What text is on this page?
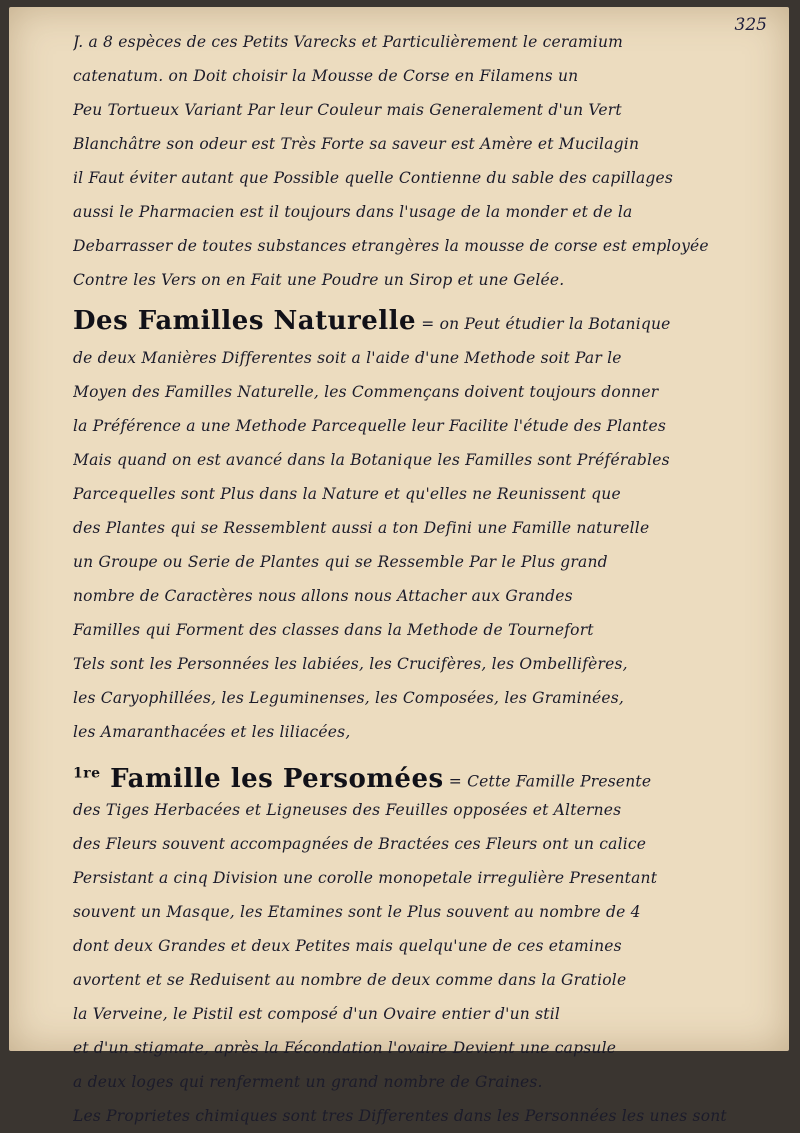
325
J. a 8 espèces de ces Petits Varecks et Particulièrement le ceramium
catenatum. on Doit choisir la Mousse de Corse en Filamens un
Peu Tortueux Variant Par leur Couleur mais Generalement d'un Vert
Blanchâtre son odeur est Très Forte sa saveur est Amère et Mucilagin
il Faut éviter autant que Possible quelle Contienne du sable des capillages
aussi le Pharmacien est il toujours dans l'usage de la monder et de la
Debarrasser de toutes substances etrangères la mousse de corse est employée
Contre les Vers on en Fait une Poudre un Sirop et une Gelée.
Des Familles Naturelle = on Peut étudier la Botanique
de deux Manières Differentes soit a l'aide d'une Methode soit Par le
Moyen des Familles Naturelle, les Commençans doivent toujours donner
la Préférence a une Methode Parcequelle leur Facilite l'étude des Plantes
Mais quand on est avancé dans la Botanique les Familles sont Préférables
Parcequelles sont Plus dans la Nature et qu'elles ne Reunissent que
des Plantes qui se Ressemblent aussi a ton Defini une Famille naturelle
un Groupe ou Serie de Plantes qui se Ressemble Par le Plus grand
nombre de Caractères nous allons nous Attacher aux Grandes
Familles qui Forment des classes dans la Methode de Tournefort
Tels sont les Personnées les labiées, les Crucifères, les Ombellifères,
les Caryophillées, les Leguminenses, les Composées, les Graminées,
les Amaranthacées et les liliacées,
$^{1re}$ Famille les Persomées = Cette Famille Presente
des Tiges Herbacées et Ligneuses des Feuilles opposées et Alternes
des Fleurs souvent accompagnées de Bractées ces Fleurs ont un calice
Persistant a cinq Division une corolle monopetale irregulière Presentant
souvent un Masque, les Etamines sont le Plus souvent au nombre de 4
dont deux Grandes et deux Petites mais quelqu'une de ces etamines
avortent et se Reduisent au nombre de deux comme dans la Gratiole
la Verveine, le Pistil est composé d'un Ovaire entier d'un stil
et d'un stigmate, après la Fécondation l'ovaire Devient une capsule
a deux loges qui renferment un grand nombre de Graines.
Les Proprietes chimiques sont tres Differentes dans les Personnées les unes sont
